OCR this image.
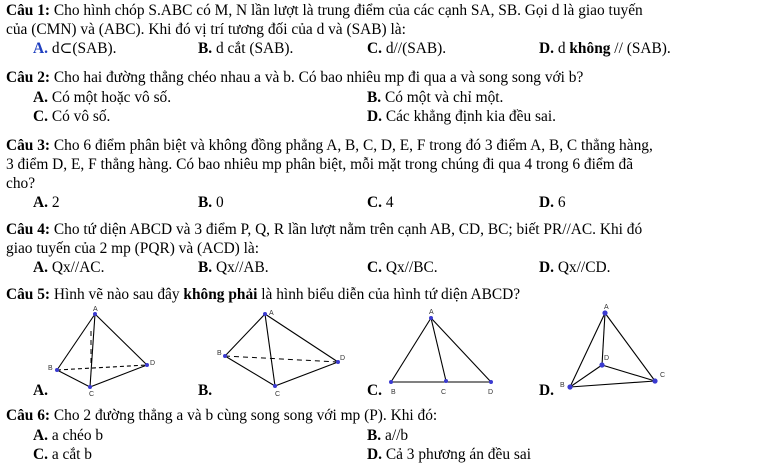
Câu 1: Cho hình chóp S.ABC có M, N lần lượt là trung điểm của các cạnh SA, SB. Gọi d là giao tuyến
của (CMN) và (ABC). Khi đó vị trí tương đối của d và (SAB) là:
A. d⊂(SAB).	B. d cắt (SAB).	C. d//(SAB).	D. d không // (SAB).
Câu 2: Cho hai đường thẳng chéo nhau a và b. Có bao nhiêu mp đi qua a và song song với b?
A. Có một hoặc vô số.	B. Có một và chỉ một.
C. Có vô số.	D. Các khẳng định kia đều sai.
Câu 3: Cho 6 điểm phân biệt và không đồng phẳng A, B, C, D, E, F trong đó 3 điểm A, B, C thẳng hàng,
3 điểm D, E, F thẳng hàng. Có bao nhiêu mp phân biệt, mỗi mặt trong chúng đi qua 4 trong 6 điểm đã
cho?
A. 2	B. 0	C. 4	D. 6
Câu 4: Cho tứ diện ABCD và 3 điểm P, Q, R lần lượt nằm trên cạnh AB, CD, BC; biết PR//AC. Khi đó
giao tuyến của 2 mp (PQR) và (ACD) là:
A. Qx//AC.	B. Qx//AB.	C. Qx//BC.	D. Qx//CD.
Câu 5: Hình vẽ nào sau đây không phải là hình biểu diễn của hình tứ diện ABCD?
A.
A
B
D
C	B.
A
B
D
C	C.
A
B	C	D	D.
A
D
B
C
Câu 6: Cho 2 đường thẳng a và b cùng song song với mp (P). Khi đó:
A. a chéo b	B. a//b
C. a cắt b	D. Cả 3 phương án đều sai
